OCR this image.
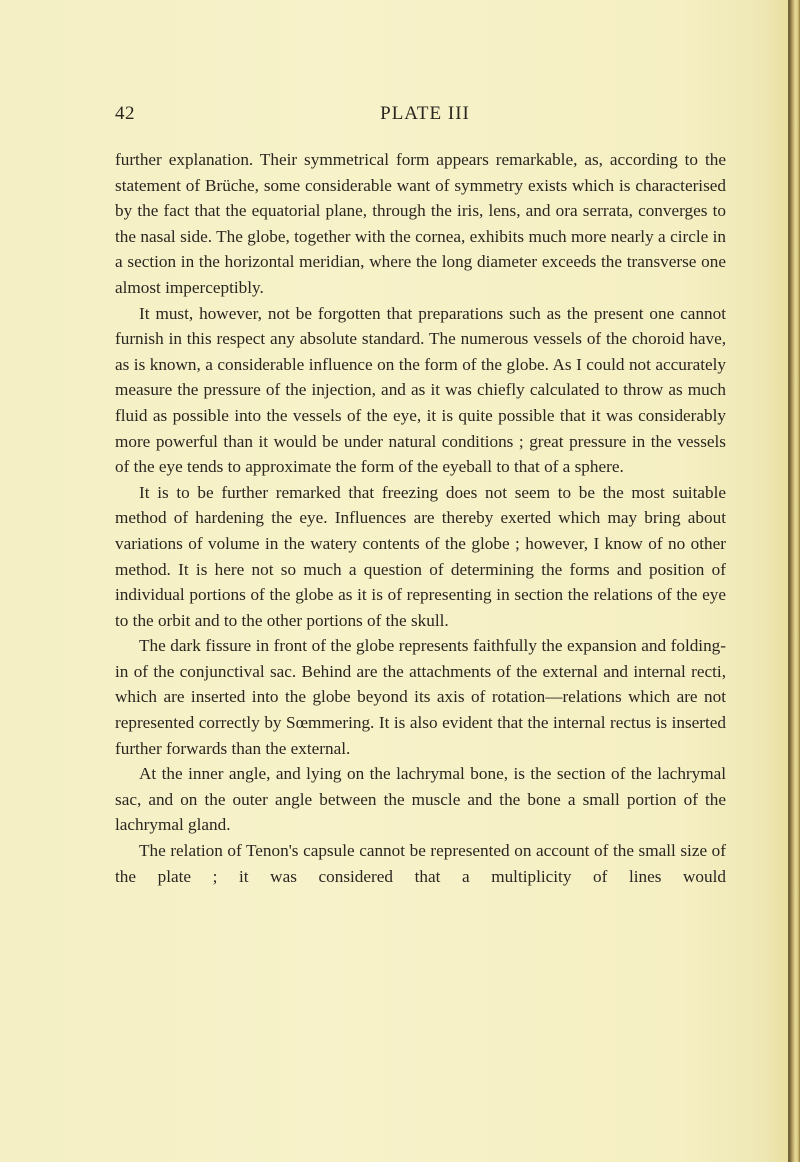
42	PLATE III

further explanation. Their symmetrical form appears remarkable, as, according to the statement of Brüche, some considerable want of symmetry exists which is characterised by the fact that the equatorial plane, through the iris, lens, and ora serrata, converges to the nasal side. The globe, together with the cornea, exhibits much more nearly a circle in a section in the horizontal meridian, where the long diameter exceeds the transverse one almost imperceptibly.

It must, however, not be forgotten that preparations such as the present one cannot furnish in this respect any absolute standard. The numerous vessels of the choroid have, as is known, a considerable influence on the form of the globe. As I could not accurately measure the pressure of the injection, and as it was chiefly calculated to throw as much fluid as possible into the vessels of the eye, it is quite possible that it was considerably more powerful than it would be under natural conditions ; great pressure in the vessels of the eye tends to approximate the form of the eyeball to that of a sphere.

It is to be further remarked that freezing does not seem to be the most suitable method of hardening the eye. Influences are thereby exerted which may bring about variations of volume in the watery contents of the globe ; however, I know of no other method. It is here not so much a question of determining the forms and position of individual portions of the globe as it is of representing in section the relations of the eye to the orbit and to the other portions of the skull.

The dark fissure in front of the globe represents faithfully the expansion and folding-in of the conjunctival sac. Behind are the attachments of the external and internal recti, which are inserted into the globe beyond its axis of rotation—relations which are not represented correctly by Sœmmering. It is also evident that the internal rectus is inserted further forwards than the external.

At the inner angle, and lying on the lachrymal bone, is the section of the lachrymal sac, and on the outer angle between the muscle and the bone a small portion of the lachrymal gland.

The relation of Tenon's capsule cannot be represented on account of the small size of the plate ; it was considered that a multiplicity of lines would
